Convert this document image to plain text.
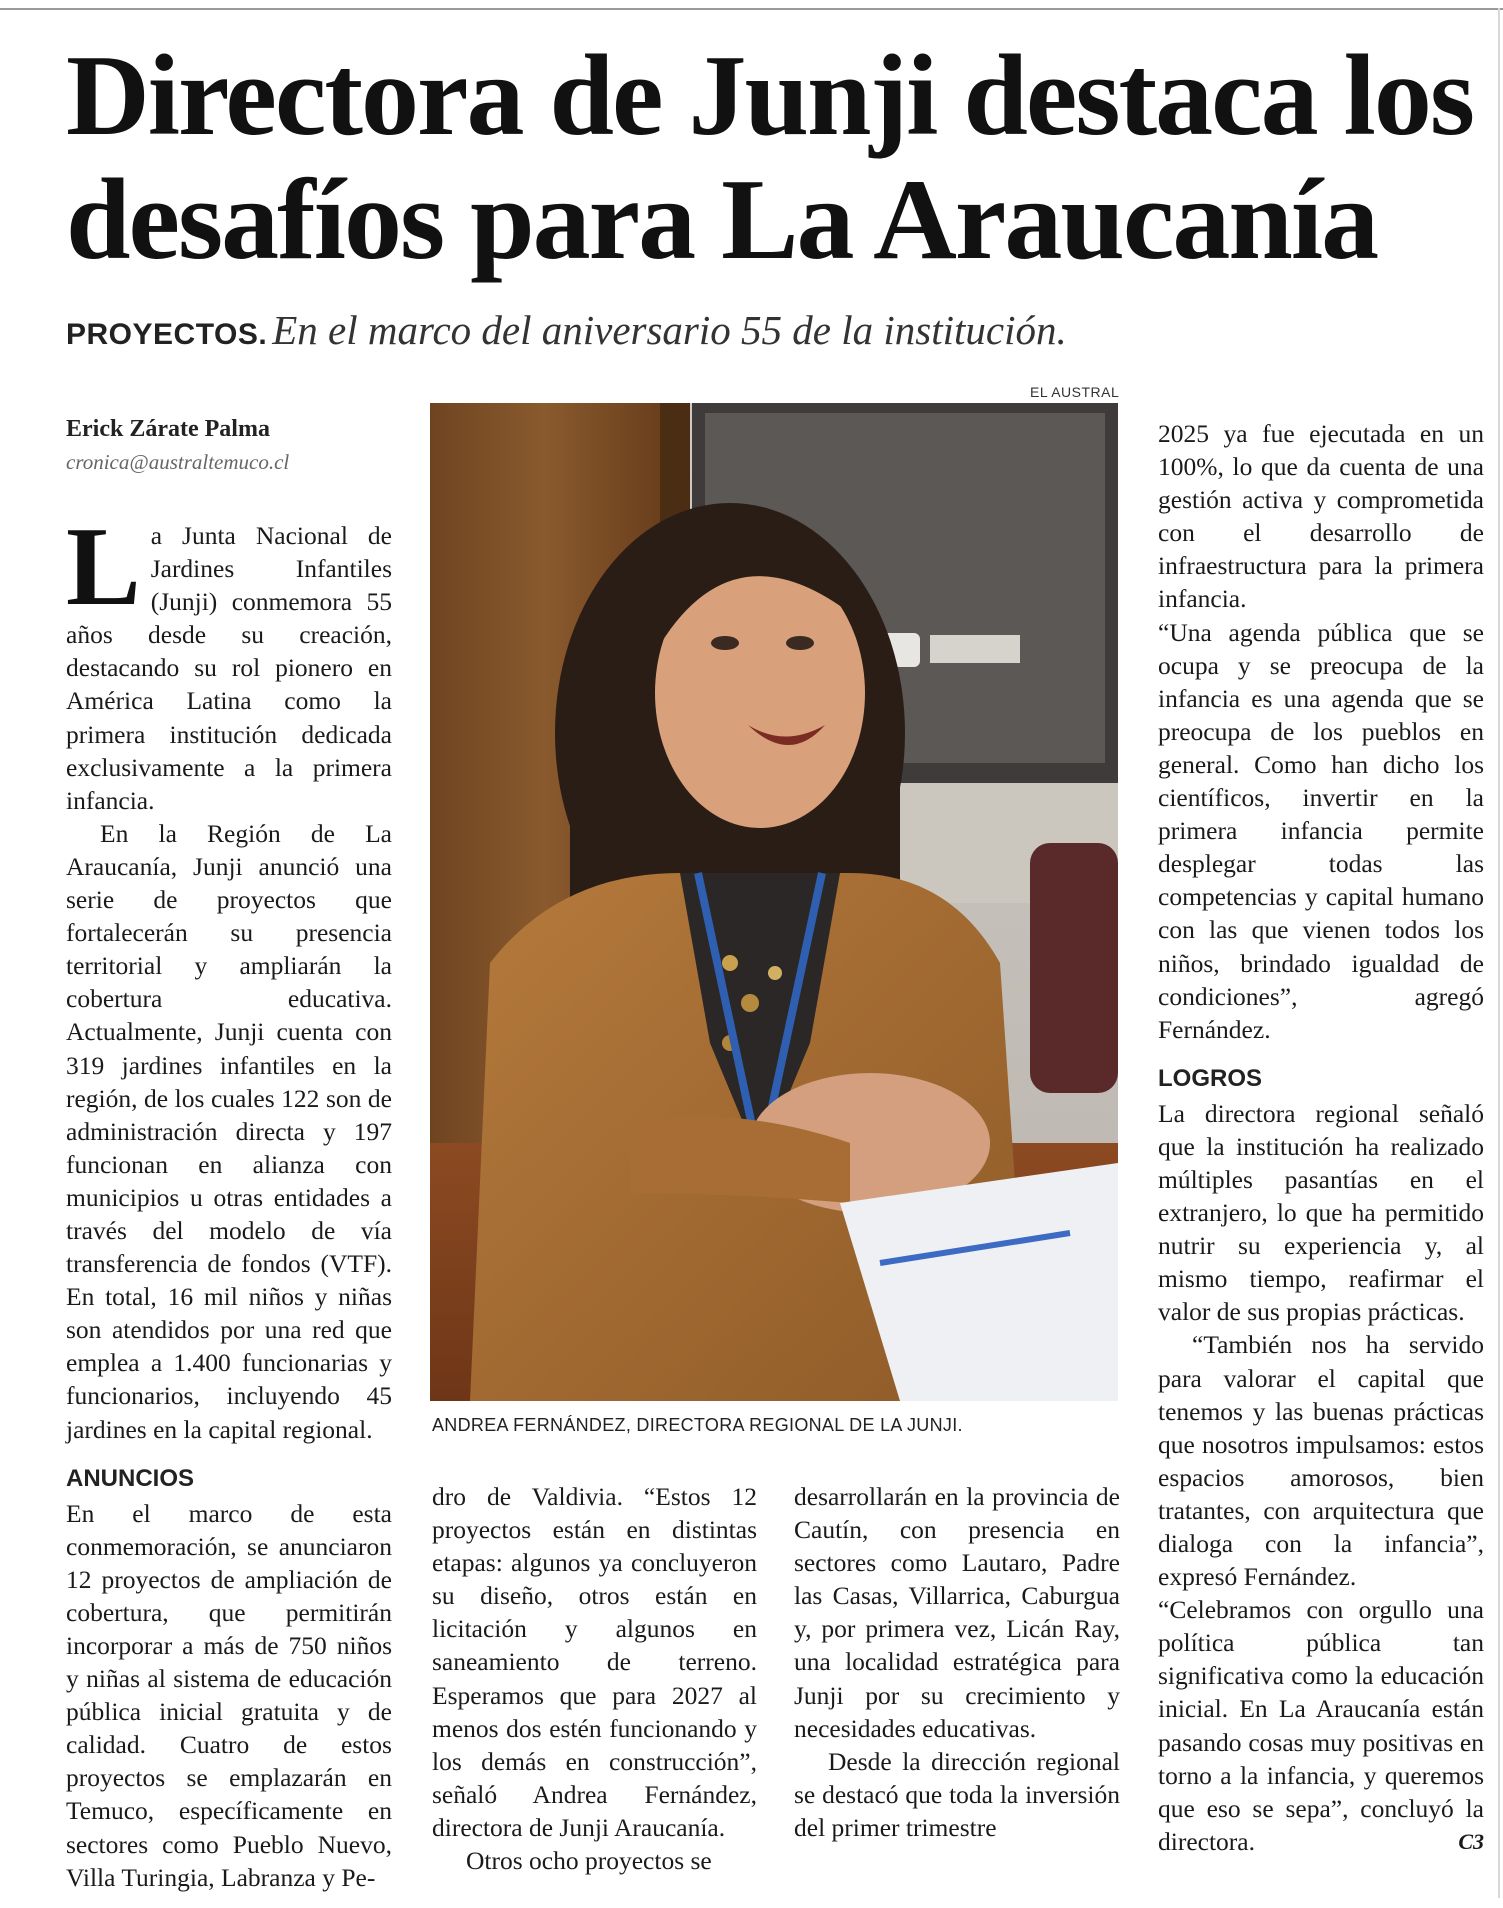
Directora de Junji destaca los desafíos para La Araucanía
PROYECTOS. En el marco del aniversario 55 de la institución.
Erick Zárate Palma
cronica@australtemuco.cl

La Junta Nacional de Jardines Infantiles (Junji) conmemora 55 años desde su creación, destacando su rol pionero en América Latina como la primera institución dedicada exclusivamente a la primera infancia.

En la Región de La Araucanía, Junji anunció una serie de proyectos que fortalecerán su presencia territorial y ampliarán la cobertura educativa. Actualmente, Junji cuenta con 319 jardines infantiles en la región, de los cuales 122 son de administración directa y 197 funcionan en alianza con municipios u otras entidades a través del modelo de vía transferencia de fondos (VTF). En total, 16 mil niños y niñas son atendidos por una red que emplea a 1.400 funcionarias y funcionarios, incluyendo 45 jardines en la capital regional.

ANUNCIOS

En el marco de esta conmemoración, se anunciaron 12 proyectos de ampliación de cobertura, que permitirán incorporar a más de 750 niños y niñas al sistema de educación pública inicial gratuita y de calidad. Cuatro de estos proyectos se emplazarán en Temuco, específicamente en sectores como Pueblo Nuevo, Villa Turingia, Labranza y Pe-

EL AUSTRAL
ANDREA FERNÁNDEZ, DIRECTORA REGIONAL DE LA JUNJI.

dro de Valdivia. “Estos 12 proyectos están en distintas etapas: algunos ya concluyeron su diseño, otros están en licitación y algunos en saneamiento de terreno. Esperamos que para 2027 al menos dos estén funcionando y los demás en construcción”, señaló Andrea Fernández, directora de Junji Araucanía.

Otros ocho proyectos se

desarrollarán en la provincia de Cautín, con presencia en sectores como Lautaro, Padre las Casas, Villarrica, Caburgua y, por primera vez, Licán Ray, una localidad estratégica para Junji por su crecimiento y necesidades educativas.

Desde la dirección regional se destacó que toda la inversión del primer trimestre

2025 ya fue ejecutada en un 100%, lo que da cuenta de una gestión activa y comprometida con el desarrollo de infraestructura para la primera infancia.

“Una agenda pública que se ocupa y se preocupa de la infancia es una agenda que se preocupa de los pueblos en general. Como han dicho los científicos, invertir en la primera infancia permite desplegar todas las competencias y capital humano con las que vienen todos los niños, brindado igualdad de condiciones”, agregó Fernández.

LOGROS

La directora regional señaló que la institución ha realizado múltiples pasantías en el extranjero, lo que ha permitido nutrir su experiencia y, al mismo tiempo, reafirmar el valor de sus propias prácticas.

“También nos ha servido para valorar el capital que tenemos y las buenas prácticas que nosotros impulsamos: estos espacios amorosos, bien tratantes, con arquitectura que dialoga con la infancia”, expresó Fernández.

“Celebramos con orgullo una política pública tan significativa como la educación inicial. En La Araucanía están pasando cosas muy positivas en torno a la infancia, y queremos que eso se sepa”, concluyó la directora.	C3
